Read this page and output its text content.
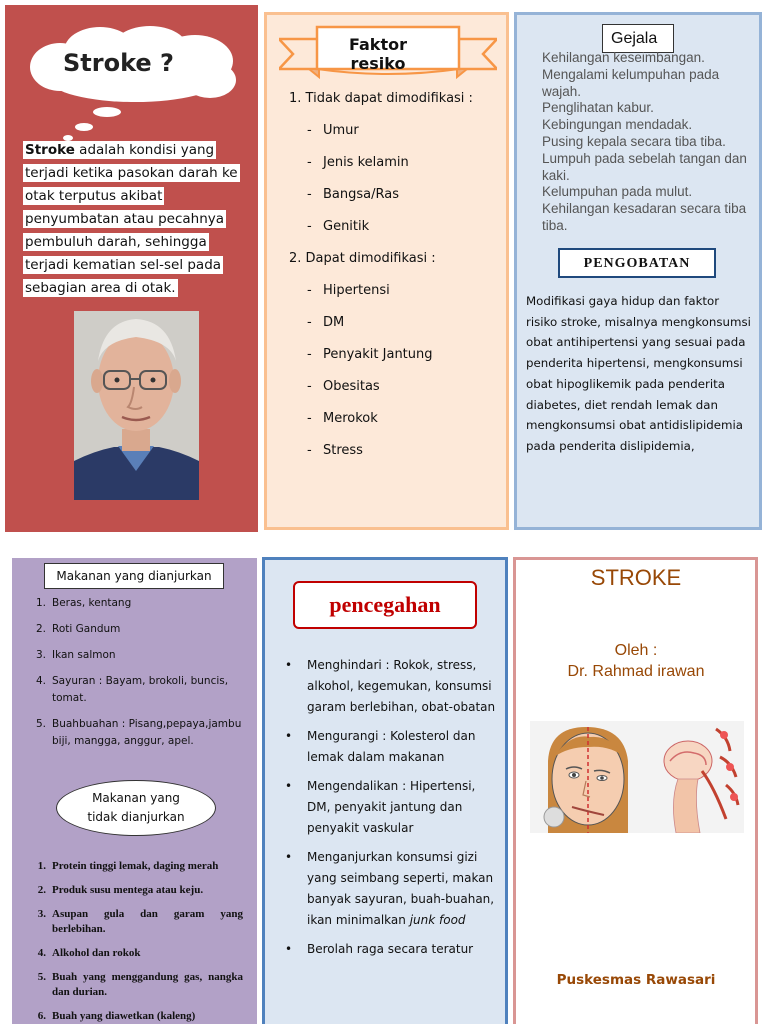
Stroke ?
Stroke adalah kondisi yang terjadi ketika pasokan darah ke otak terputus akibat penyumbatan atau pecahnya pembuluh darah, sehingga terjadi kematian sel-sel pada sebagian area di otak.
Faktor resiko
1. Tidak dapat dimodifikasi :
- Umur
- Jenis kelamin
- Bangsa/Ras
- Genitik
2. Dapat dimodifikasi :
- Hipertensi
- DM
- Penyakit Jantung
- Obesitas
- Merokok
- Stress
Gejala
Kehilangan keseimbangan.
Mengalami kelumpuhan pada wajah.
Penglihatan kabur.
Kebingungan mendadak.
Pusing kepala secara tiba tiba.
Lumpuh pada sebelah tangan dan kaki.
Kelumpuhan pada mulut.
Kehilangan kesadaran secara tiba tiba.
PENGOBATAN
Modifikasi gaya hidup dan faktor risiko stroke, misalnya mengkonsumsi obat antihipertensi yang sesuai pada penderita hipertensi, mengkonsumsi obat hipoglikemik pada penderita diabetes, diet rendah lemak dan mengkonsumsi obat antidislipidemia pada penderita dislipidemia,
Makanan yang dianjurkan
1. Beras, kentang
2. Roti Gandum
3. Ikan salmon
4. Sayuran : Bayam, brokoli, buncis, tomat.
5. Buahbuahan : Pisang,pepaya,jambu biji, mangga, anggur, apel.
Makanan yang
tidak dianjurkan
1. Protein tinggi lemak, daging merah
2. Produk susu mentega atau keju.
3. Asupan gula dan garam yang berlebihan.
4. Alkohol dan rokok
5. Buah yang menggandung gas, nangka dan durian.
6. Buah yang diawetkan (kaleng)
pencegahan
•	Menghindari : Rokok, stress, alkohol, kegemukan, konsumsi garam berlebihan, obat-obatan
•	Mengurangi : Kolesterol dan lemak dalam makanan
•	Mengendalikan : Hipertensi, DM, penyakit jantung dan penyakit vaskular
•	Menganjurkan konsumsi gizi yang seimbang seperti, makan banyak sayuran, buah-buahan, ikan minimalkan junk food
•	Berolah raga secara teratur
STROKE
Oleh :
Dr. Rahmad irawan
Puskesmas Rawasari
